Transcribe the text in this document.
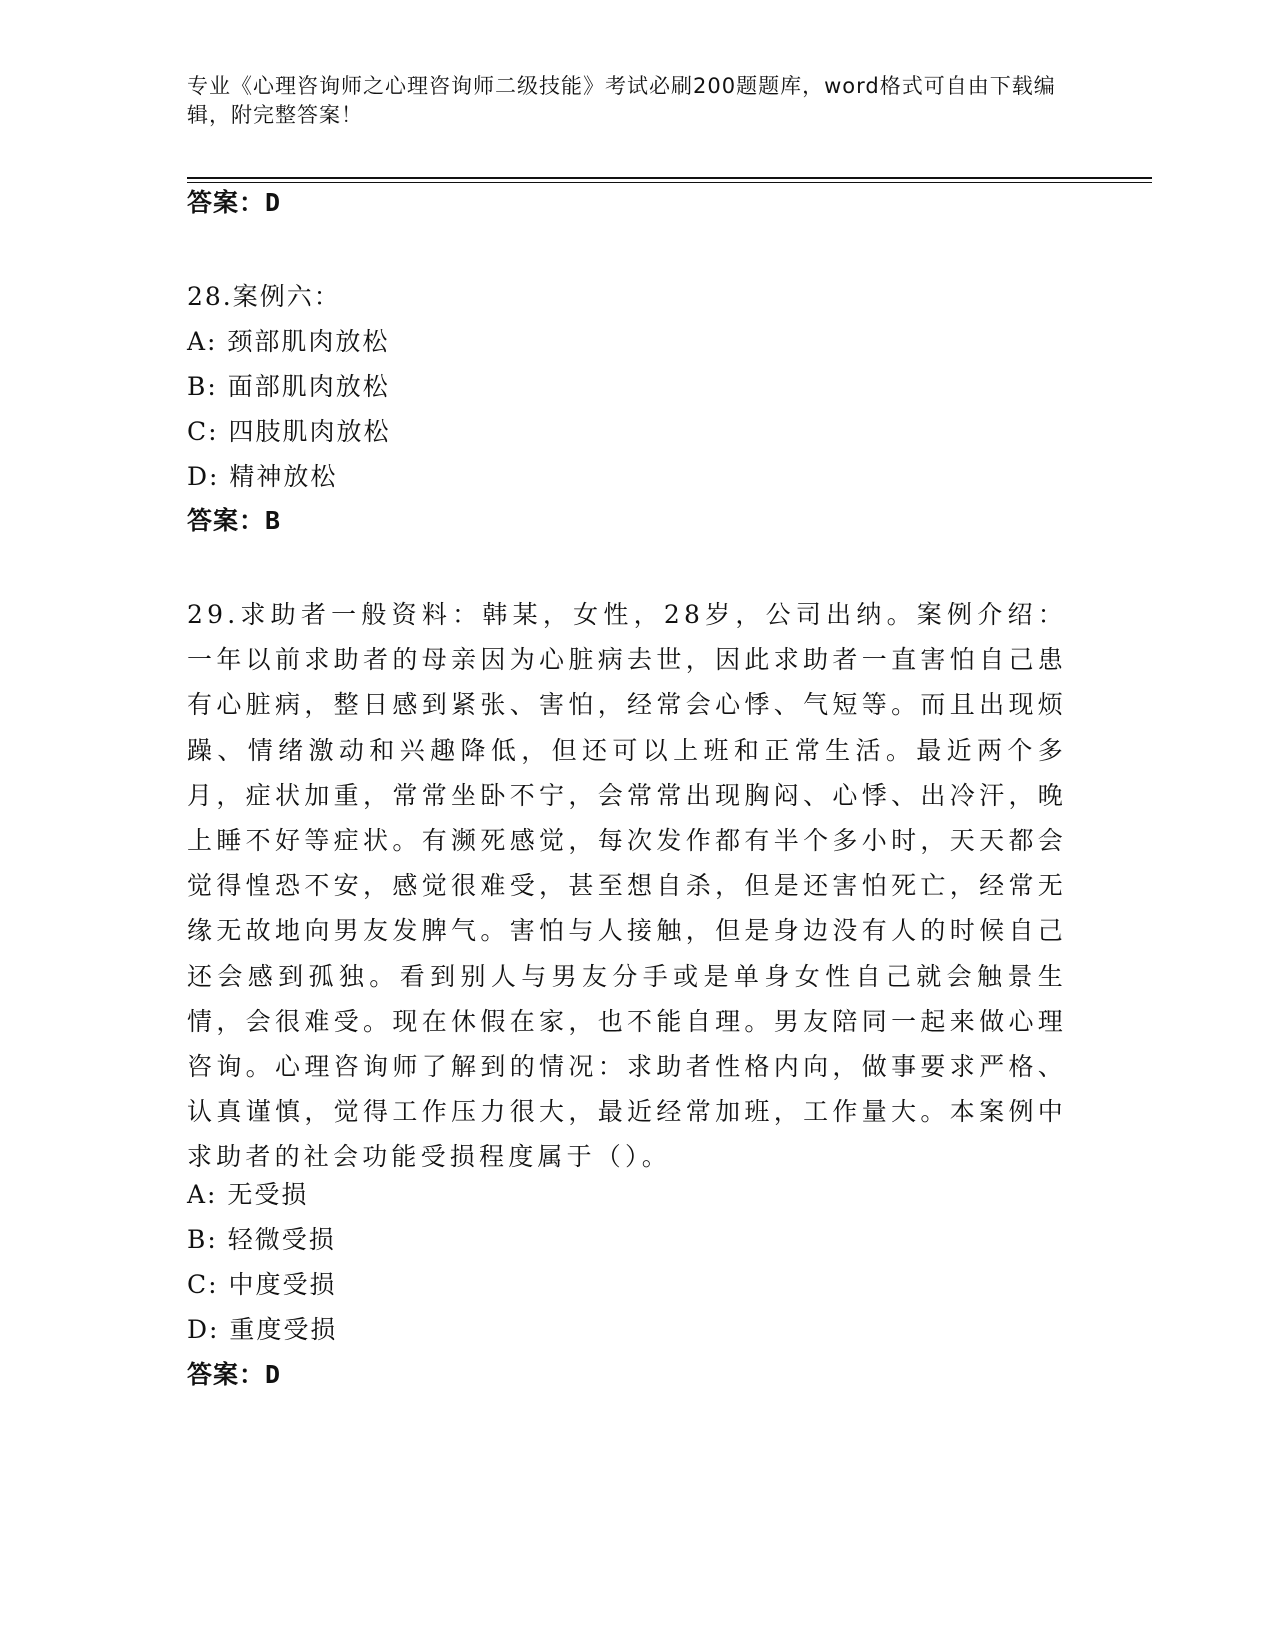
专业《心理咨询师之心理咨询师二级技能》考试必刷200题题库，word格式可自由下载编辑，附完整答案！
答案：D
28.案例六：
A: 颈部肌肉放松
B: 面部肌肉放松
C: 四肢肌肉放松
D: 精神放松
答案：B
29.求助者一般资料：韩某，女性，28岁，公司出纳。案例介绍：一年以前求助者的母亲因为心脏病去世，因此求助者一直害怕自己患有心脏病，整日感到紧张、害怕，经常会心悸、气短等。而且出现烦躁、情绪激动和兴趣降低，但还可以上班和正常生活。最近两个多月，症状加重，常常坐卧不宁，会常常出现胸闷、心悸、出冷汗，晚上睡不好等症状。有濒死感觉，每次发作都有半个多小时，天天都会觉得惶恐不安，感觉很难受，甚至想自杀，但是还害怕死亡，经常无缘无故地向男友发脾气。害怕与人接触，但是身边没有人的时候自己还会感到孤独。看到别人与男友分手或是单身女性自己就会触景生情，会很难受。现在休假在家，也不能自理。男友陪同一起来做心理咨询。心理咨询师了解到的情况：求助者性格内向，做事要求严格、认真谨慎，觉得工作压力很大，最近经常加班，工作量大。本案例中求助者的社会功能受损程度属于（）。
A: 无受损
B: 轻微受损
C: 中度受损
D: 重度受损
答案：D
